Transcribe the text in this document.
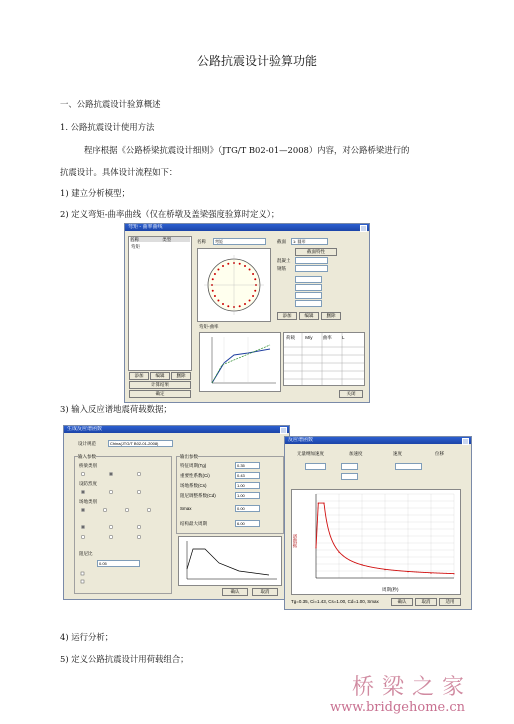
公路抗震设计验算功能
一、公路抗震设计验算概述
1. 公路抗震设计使用方法
程序根据《公路桥梁抗震设计细则》（JTG/T B02-01—2008）内容，对公路桥梁进行的
抗震设计。具体设计流程如下：
1) 建立分析模型；
2) 定义弯矩-曲率曲线（仅在桥墩及盖梁强度验算时定义）；
弯矩 - 曲率曲线
名称	类型
弯矩
添加	编辑	删除
计算结果
确定
名称	弯矩	截面	1: 圆形
截面特性
混凝土
钢筋
添加	编辑	删除
弯矩-曲率
荷载 M/y 曲率 L
关闭
3) 输入反应谱地震荷载数据；
生成反应谱函数
设计规范	China(JTG/T B02-01-2008)
输入参数
桥梁类别
设防烈度
场地类别
阻尼比
0.05
输出参数
特征周期(Tg)	0.35
重要性系数(Ci)	0.43
场地系数(Cs)	1.00
阻尼调整系数(Cd)	1.00
Smax	0.00
结构最大周期	6.00
确认	取消
反应谱函数
无量纲加速度	加速度	速度	位移
谱数据
周期(秒)
Tg=0.35, Ci=1.43, Cs=1.00, Cd=1.00, Smax	确认	取消	适用
4) 运行分析；
5) 定义公路抗震设计用荷载组合；
桥梁之家
www.bridgehome.cn
